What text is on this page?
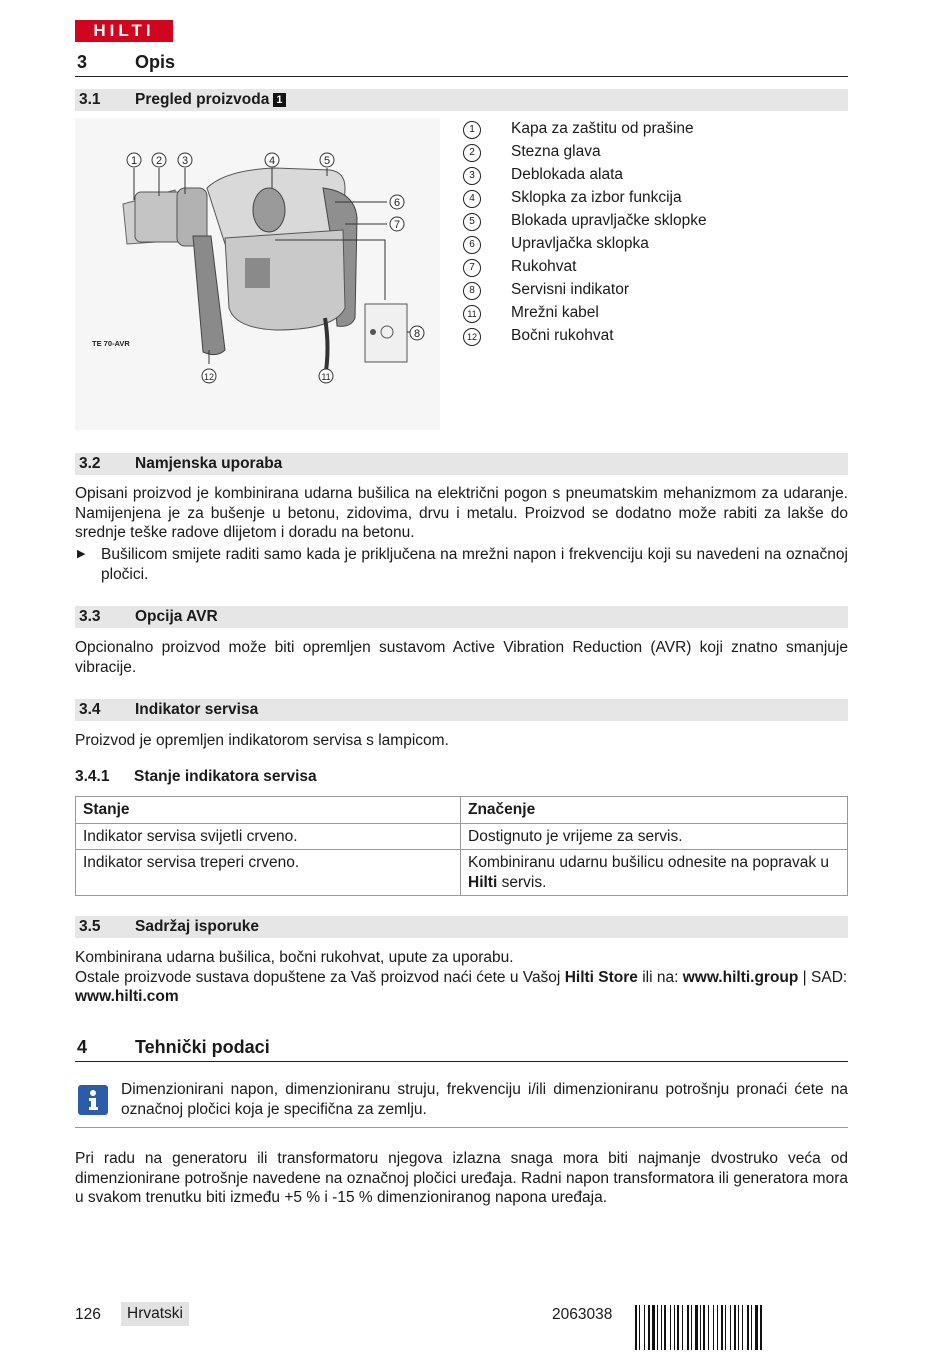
HILTI
3	Opis
3.1 Pregled proizvoda 1
1 2 3	4	5
6
7
8
11
12
TE 70-AVR
1	Kapa za zaštitu od prašine
2	Stezna glava
3	Deblokada alata
4	Sklopka za izbor funkcija
5	Blokada upravljačke sklopke
6	Upravljačka sklopka
7	Rukohvat
8	Servisni indikator
11 Mrežni kabel
12 Bočni rukohvat
3.2 Namjenska uporaba
Opisani proizvod je kombinirana udarna bušilica na električni pogon s pneumatskim mehanizmom za udaranje. Namijenjena je za bušenje u betonu, zidovima, drvu i metalu. Proizvod se dodatno može rabiti za lakše do srednje teške radove dlijetom i doradu na betonu.
▶ Bušilicom smijete raditi samo kada je priključena na mrežni napon i frekvenciju koji su navedeni na označnoj pločici.
3.3 Opcija AVR
Opcionalno proizvod može biti opremljen sustavom Active Vibration Reduction (AVR) koji znatno smanjuje vibracije.
3.4 Indikator servisa
Proizvod je opremljen indikatorom servisa s lampicom.
3.4.1 Stanje indikatora servisa
Stanje	Značenje
Indikator servisa svijetli crveno.	Dostignuto je vrijeme za servis.
Indikator servisa treperi crveno.	Kombiniranu udarnu bušilicu odnesite na popravak u Hilti servis.
3.5 Sadržaj isporuke
Kombinirana udarna bušilica, bočni rukohvat, upute za uporabu.
Ostale proizvode sustava dopuštene za Vaš proizvod naći ćete u Vašoj Hilti Store ili na: www.hilti.group | SAD: www.hilti.com
4	Tehnički podaci
Dimenzionirani napon, dimenzioniranu struju, frekvenciju i/ili dimenzioniranu potrošnju pronaći ćete na označnoj pločici koja je specifična za zemlju.
Pri radu na generatoru ili transformatoru njegova izlazna snaga mora biti najmanje dvostruko veća od dimenzionirane potrošnje navedene na označnoj pločici uređaja. Radni napon transformatora ili generatora mora u svakom trenutku biti između +5 % i -15 % dimenzioniranog napona uređaja.
126	Hrvatski	2063038
